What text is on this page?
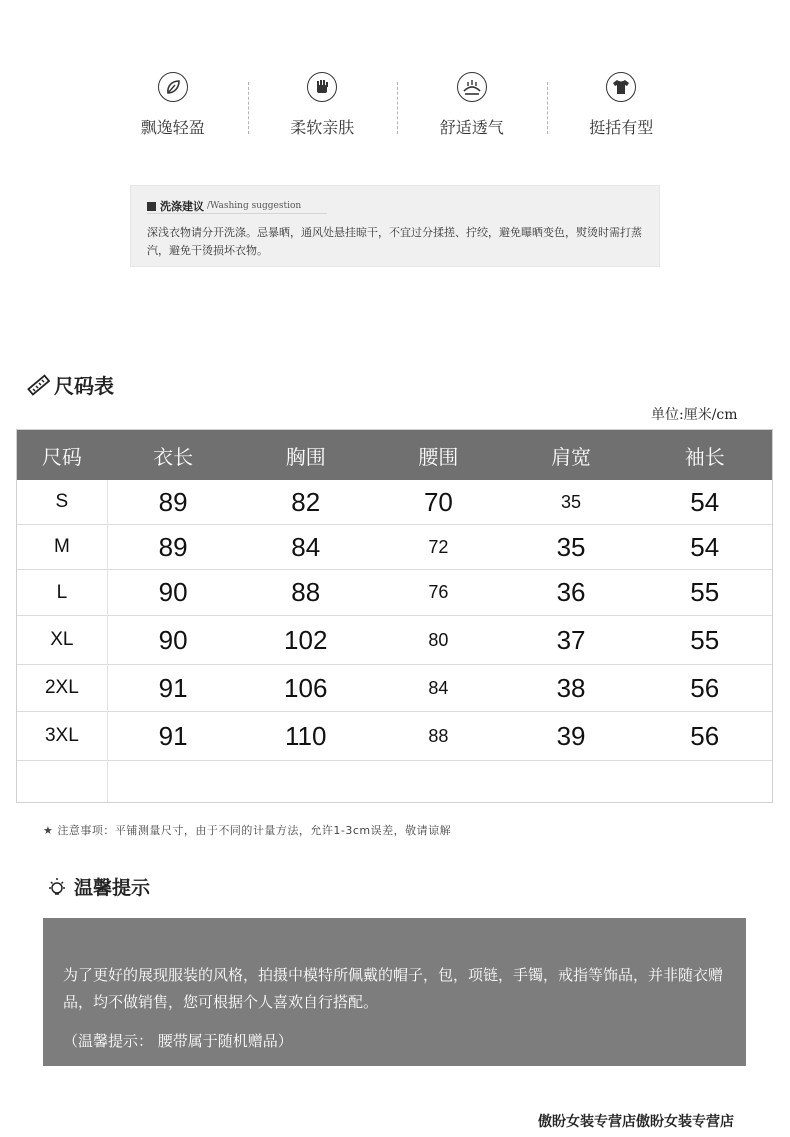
飘逸轻盈	柔软亲肤	舒适透气	挺括有型
洗涤建议 /Washing suggestion
深浅衣物请分开洗涤。忌暴晒，通风处悬挂晾干，不宜过分揉搓、拧绞，避免曝晒变色，熨烫时需打蒸汽，避免干烫损坏衣物。
尺码表
单位:厘米/cm
尺码	衣长	胸围	腰围	肩宽	袖长
S	89	82	70	35	54
M	89	84	72	35	54
L	90	88	76	36	55
XL	90	102	80	37	55
2XL	91	106	84	38	56
3XL	91	110	88	39	56
★ 注意事项：平铺测量尺寸，由于不同的计量方法，允许1-3cm误差，敬请谅解
温馨提示
为了更好的展现服装的风格，拍摄中模特所佩戴的帽子，包，项链，手镯，戒指等饰品，并非随衣赠品，均不做销售，您可根据个人喜欢自行搭配。
（温馨提示： 腰带属于随机赠品）
傲盼女装专营店傲盼女装专营店
